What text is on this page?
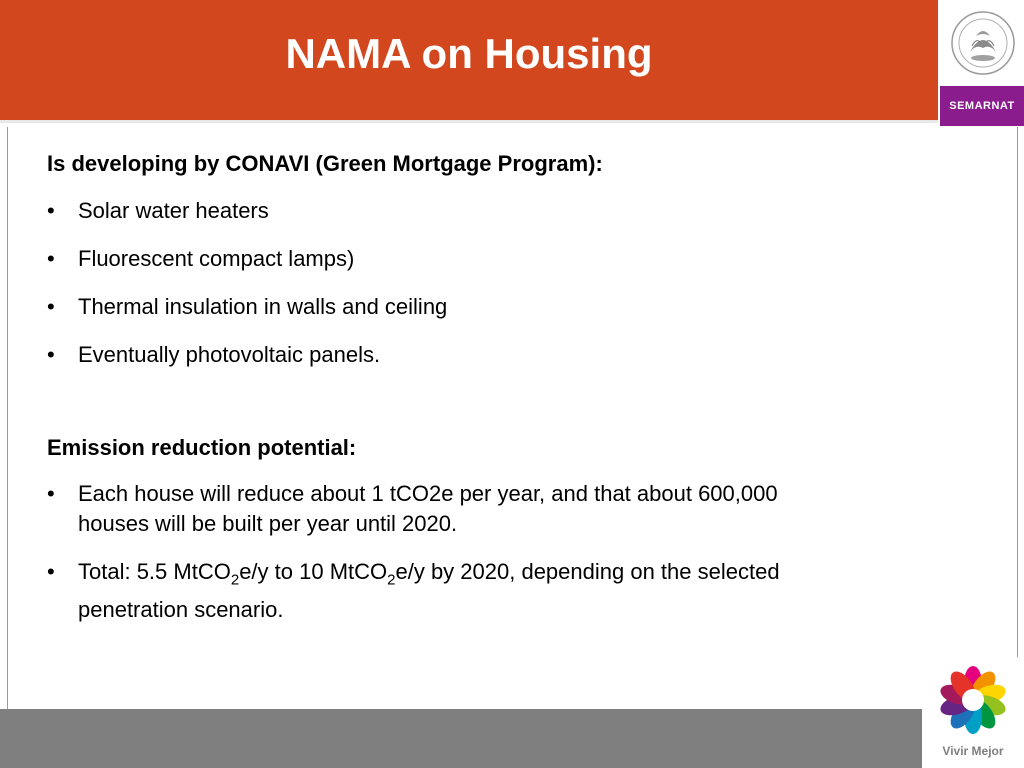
NAMA on Housing
SEMARNAT

Is developing by CONAVI (Green Mortgage Program):

• Solar water heaters
• Fluorescent compact lamps)
• Thermal insulation in walls and ceiling
• Eventually photovoltaic panels.

Emission reduction potential:

• Each house will reduce about 1 tCO2e per year, and that about 600,000 houses will be built per year until 2020.
• Total: 5.5 MtCO$_2$e/y to 10 MtCO$_2$e/y by 2020, depending on the selected penetration scenario.
Vivir Mejor
